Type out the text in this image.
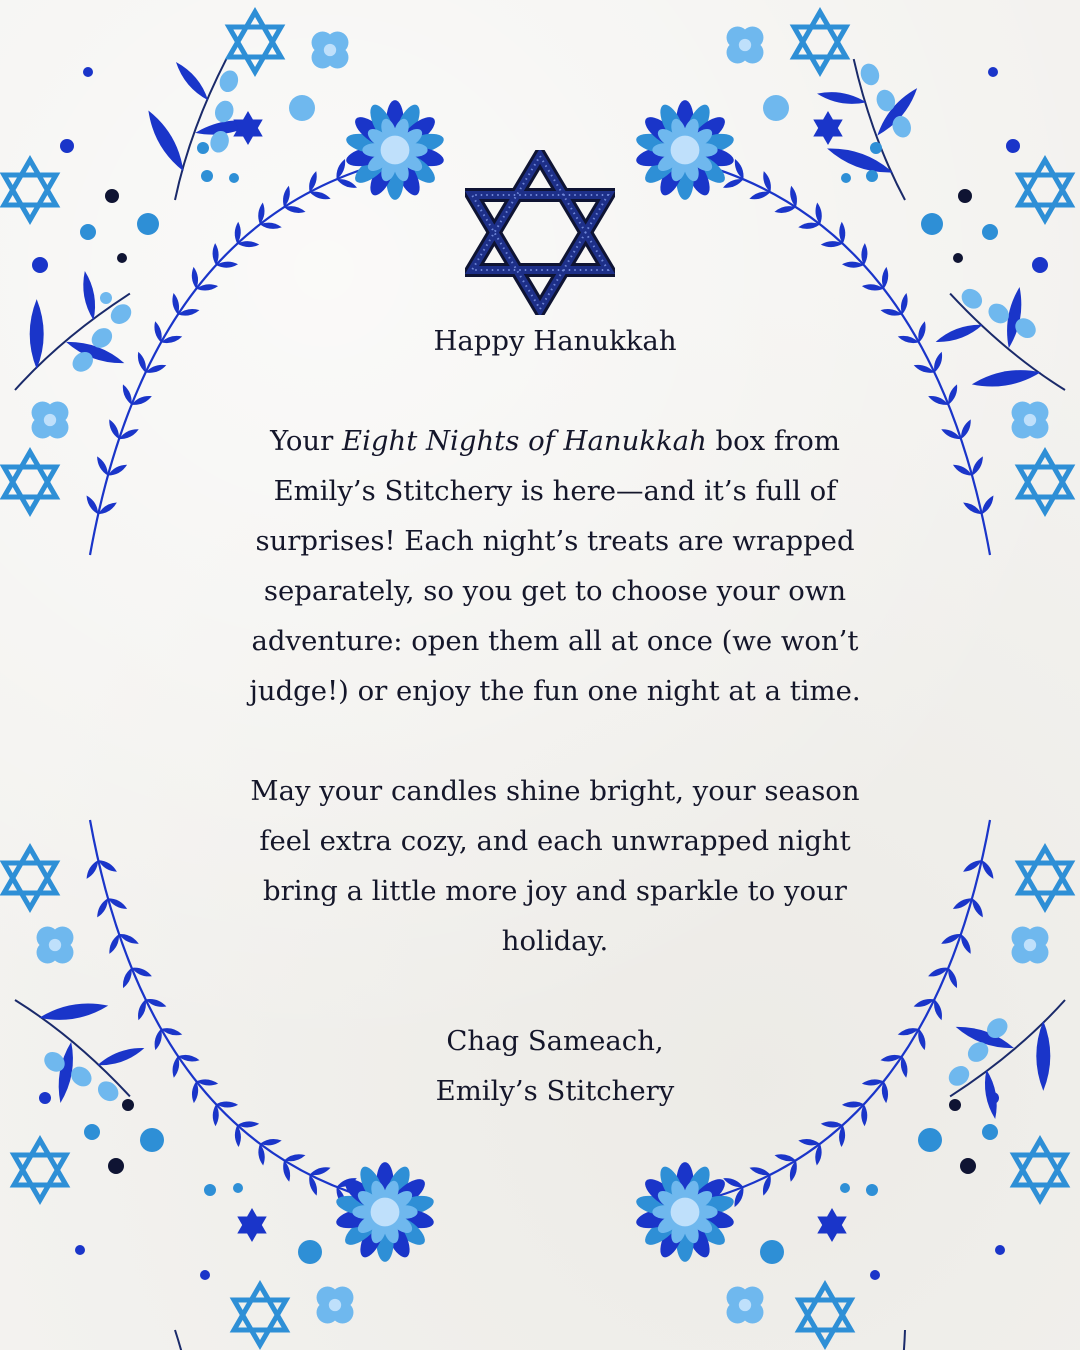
Happy Hanukkah

Your Eight Nights of Hanukkah box from Emily’s Stitchery is here—and it’s full of surprises! Each night’s treats are wrapped separately, so you get to choose your own adventure: open them all at once (we won’t judge!) or enjoy the fun one night at a time.

May your candles shine bright, your season feel extra cozy, and each unwrapped night bring a little more joy and sparkle to your holiday.

Chag Sameach,

Emily’s Stitchery
